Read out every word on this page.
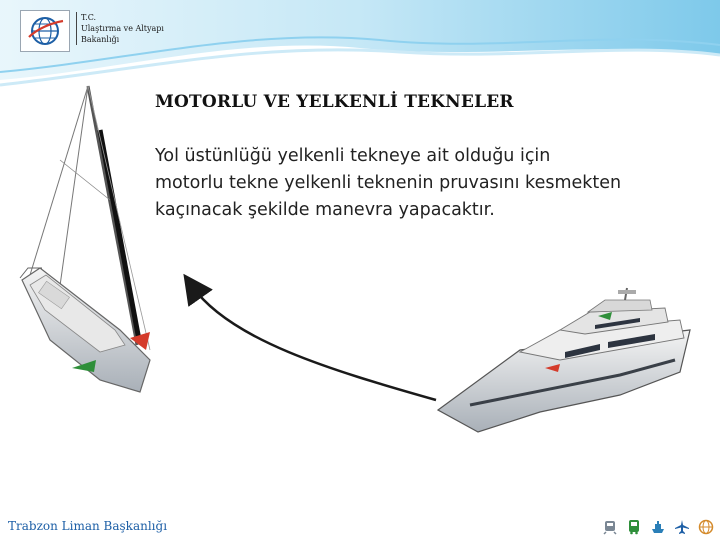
T.C.
Ulaştırma ve Altyapı
Bakanlığı
MOTORLU VE YELKENLİ TEKNELER
Yol üstünlüğü yelkenli tekneye ait olduğu için
motorlu tekne yelkenli teknenin pruvasını kesmekten
kaçınacak şekilde manevra yapacaktır.
Trabzon Liman Başkanlığı
